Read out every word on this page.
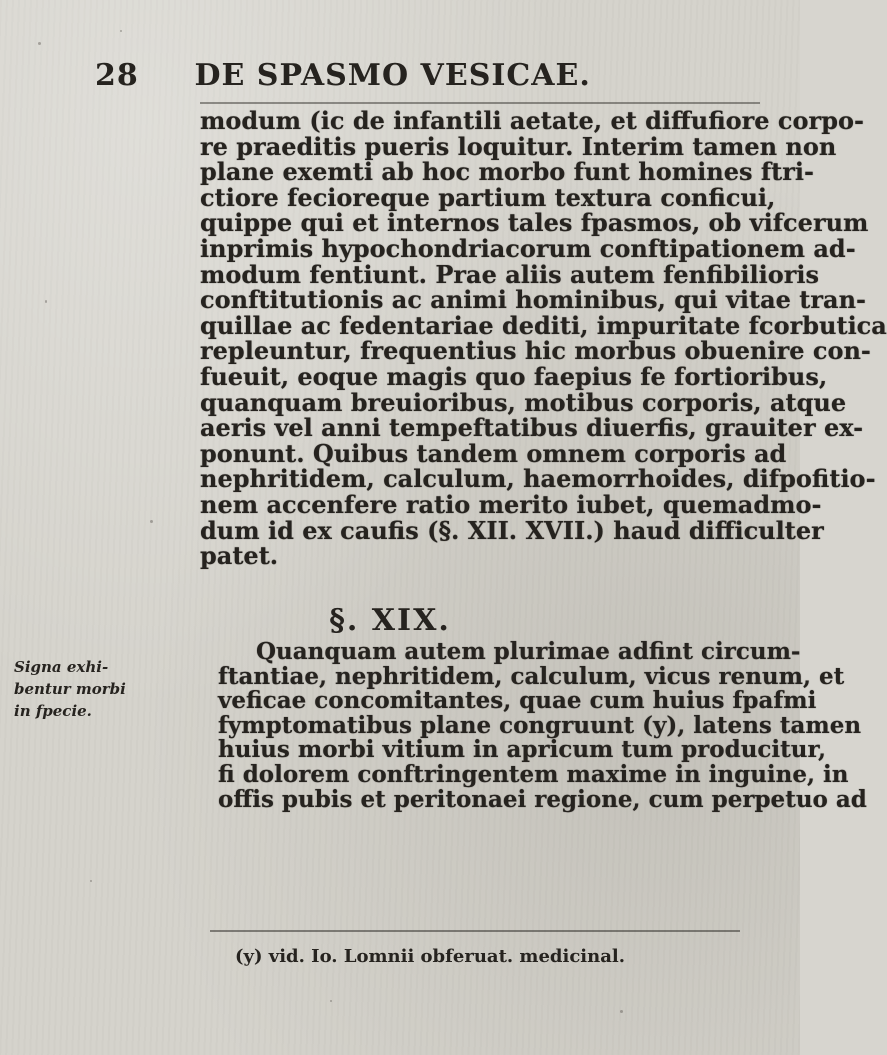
28 DE SPASMO VESICAE.
modum (ic de infantili aetate, et diffufiore corpo-
re praeditis pueris loquitur. Interim tamen non
plane exemti ab hoc morbo funt homines ftri-
ctiore fecioreque partium textura conficui,
quippe qui et internos tales fpasmos, ob vifcerum
inprimis hypochondriacorum conftipationem ad-
modum fentiunt. Prae aliis autem fenfibilioris
conftitutionis ac animi hominibus, qui vitae tran-
quillae ac fedentariae dediti, impuritate fcorbutica
repleuntur, frequentius hic morbus obuenire con-
fueuit, eoque magis quo faepius fe fortioribus,
quanquam breuioribus, motibus corporis, atque
aeris vel anni tempeftatibus diuerfis, grauiter ex-
ponunt. Quibus tandem omnem corporis ad
nephritidem, calculum, haemorrhoides, difpofitio-
nem accenfere ratio merito iubet, quemadmo-
dum id ex caufis (§. XII. XVII.) haud difficulter
patet.
§. XIX.
Signa exhi-
bentur morbi
in fpecie.
Quanquam autem plurimae adfint circum-
ftantiae, nephritidem, calculum, vicus renum, et
veficae concomitantes, quae cum huius fpafmi
fymptomatibus plane congruunt (y), latens tamen
huius morbi vitium in apricum tum producitur,
fi dolorem conftringentem maxime in inguine, in
offis pubis et peritonaei regione, cum perpetuo ad
(y) vid. Io. Lomnii obferuat. medicinal.
